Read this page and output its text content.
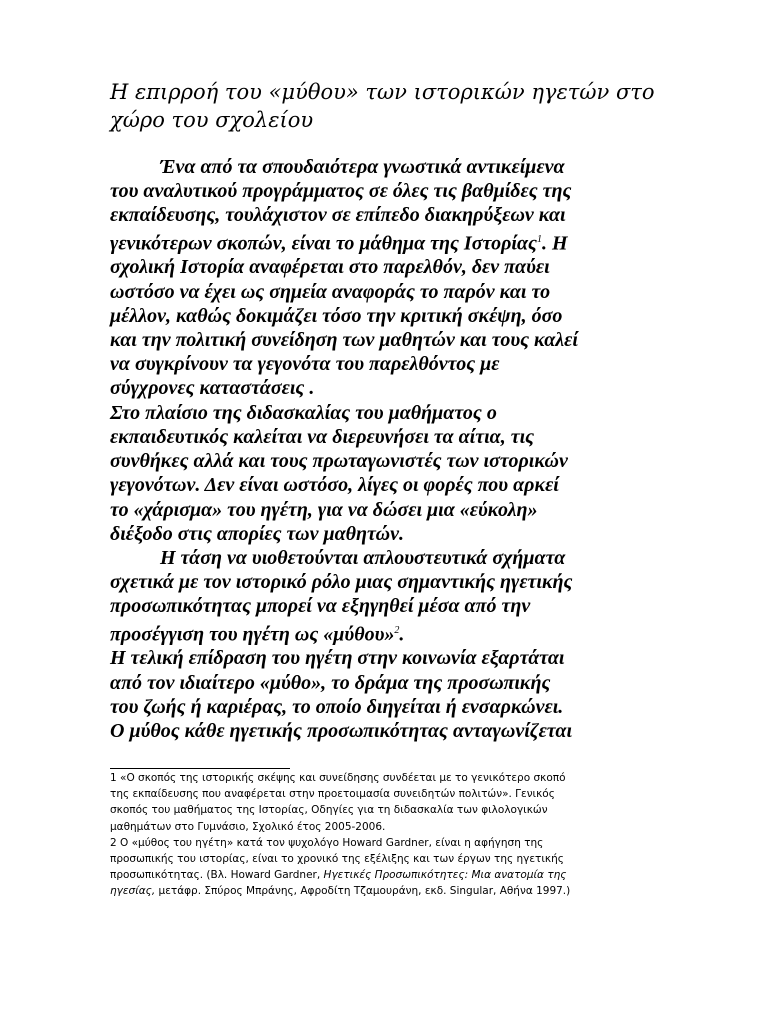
Η επιρροή του «μύθου» των ιστορικών ηγετών στο
χώρο του σχολείου

Ένα από τα σπουδαιότερα γνωστικά αντικείμενα
του αναλυτικού προγράμματος σε όλες τις βαθμίδες της
εκπαίδευσης, τουλάχιστον σε επίπεδο διακηρύξεων και
γενικότερων σκοπών, είναι το μάθημα της Ιστορίας$^1$. Η
σχολική Ιστορία αναφέρεται στο παρελθόν, δεν παύει
ωστόσο να έχει ως σημεία αναφοράς το παρόν και το
μέλλον, καθώς δοκιμάζει τόσο την κριτική σκέψη, όσο
και την πολιτική συνείδηση των μαθητών και τους καλεί
να συγκρίνουν τα γεγονότα του παρελθόντος με
σύγχρονες καταστάσεις .

Στο πλαίσιο της διδασκαλίας του μαθήματος ο
εκπαιδευτικός καλείται να διερευνήσει τα αίτια, τις
συνθήκες αλλά και τους πρωταγωνιστές των ιστορικών
γεγονότων. Δεν είναι ωστόσο, λίγες οι φορές που αρκεί
το «χάρισμα» του ηγέτη, για να δώσει μια «εύκολη»
διέξοδο στις απορίες των μαθητών.

Η τάση να υιοθετούνται απλουστευτικά σχήματα
σχετικά με τον ιστορικό ρόλο μιας σημαντικής ηγετικής
προσωπικότητας μπορεί να εξηγηθεί μέσα από την
προσέγγιση του ηγέτη ως «μύθου»$^2$.

Η τελική επίδραση του ηγέτη στην κοινωνία εξαρτάται
από τον ιδιαίτερο «μύθο», το δράμα της προσωπικής
του ζωής ή καριέρας, το οποίο διηγείται ή ενσαρκώνει.
Ο μύθος κάθε ηγετικής προσωπικότητας ανταγωνίζεται

1 «Ο σκοπός της ιστορικής σκέψης και συνείδησης συνδέεται με το γενικότερο σκοπό
της εκπαίδευσης που αναφέρεται στην προετοιμασία συνειδητών πολιτών». Γενικός
σκοπός του μαθήματος της Ιστορίας, Οδηγίες για τη διδασκαλία των φιλολογικών
μαθημάτων στο Γυμνάσιο, Σχολικό έτος 2005-2006.
2 Ο «μύθος του ηγέτη» κατά τον ψυχολόγο Howard Gardner, είναι η αφήγηση της
προσωπικής του ιστορίας, είναι το χρονικό της εξέλιξης και των έργων της ηγετικής
προσωπικότητας. (Βλ. Howard Gardner, Ηγετικές Προσωπικότητες: Μια ανατομία της
ηγεσίας, μετάφρ. Σπύρος Μπράνης, Αφροδίτη Τζαμουράνη, εκδ. Singular, Αθήνα 1997.)
